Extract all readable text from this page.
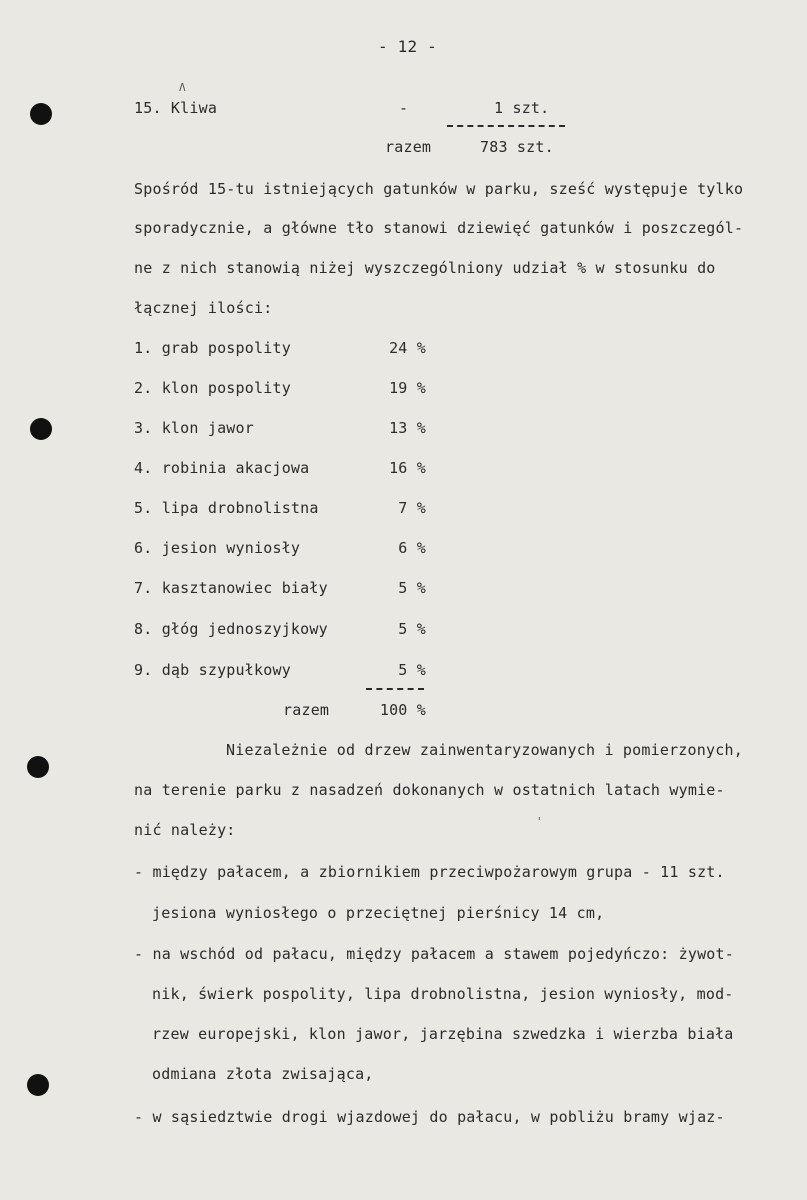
- 12 -
Λ
15. Kliwa	-	1 szt.
razem	783 szt.
Spośród 15-tu istniejących gatunków w parku, sześć występuje tylko
sporadycznie, a główne tło stanowi dziewięć gatunków i poszczegól-
ne z nich stanowią niżej wyszczególniony udział % w stosunku do
łącznej ilości:
1. grab pospolity	24 %
2. klon pospolity	19 %
3. klon jawor	13 %
4. robinia akacjowa	16 %
5. lipa drobnolistna	7 %
6. jesion wyniosły	6 %
7. kasztanowiec biały	5 %
8. głóg jednoszyjkowy	5 %
9. dąb szypułkowy	5 %
razem	100 %
Niezależnie od drzew zainwentaryzowanych i pomierzonych,
na terenie parku z nasadzeń dokonanych w ostatnich latach wymie-
nić należy:	'
- między pałacem, a zbiornikiem przeciwpożarowym grupa - 11 szt.
jesiona wyniosłego o przeciętnej pierśnicy 14 cm,
- na wschód od pałacu, między pałacem a stawem pojedyńczo: żywot-
nik, świerk pospolity, lipa drobnolistna, jesion wyniosły, mod-
rzew europejski, klon jawor, jarzębina szwedzka i wierzba biała
odmiana złota zwisająca,
- w sąsiedztwie drogi wjazdowej do pałacu, w pobliżu bramy wjaz-
